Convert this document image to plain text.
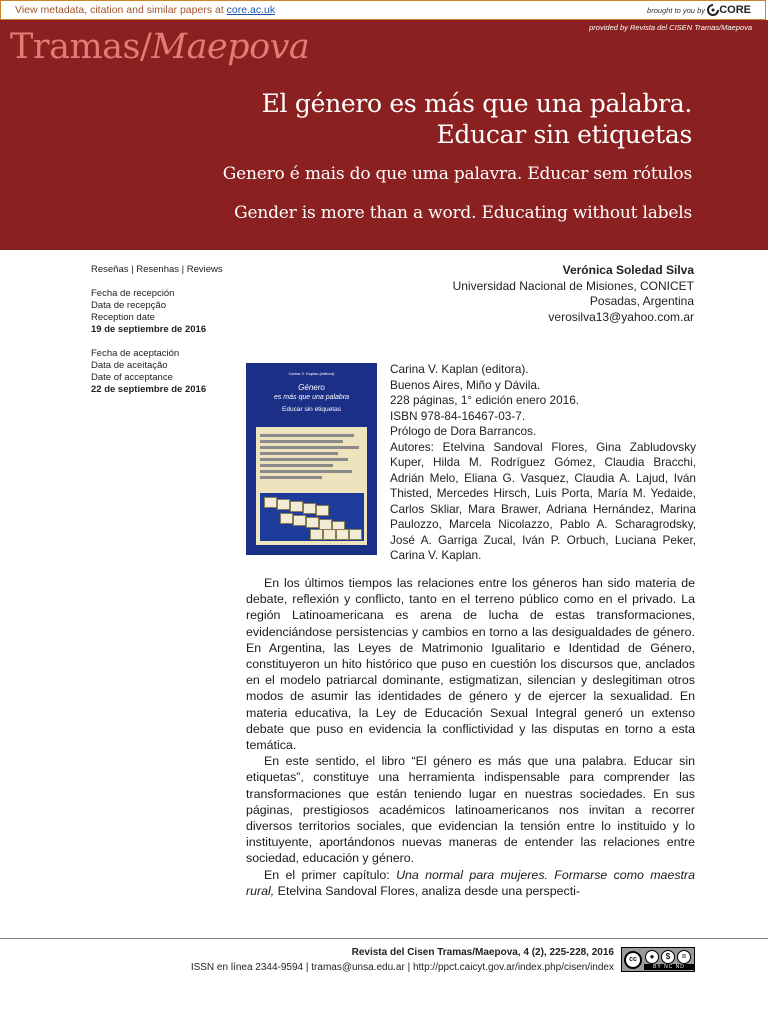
View metadata, citation and similar papers at core.ac.uk	brought to you by CORE
provided by Revista del CISEN Tramas/Maepova
Tramas/Maepova
El género es más que una palabra.
Educar sin etiquetas
Genero é mais do que uma palavra. Educar sem rótulos
Gender is more than a word. Educating without labels
Reseñas | Resenhas | Reviews
Fecha de recepción
Data de recepção
Reception date
19 de septiembre de 2016
Fecha de aceptación
Data de aceitação
Date of acceptance
22 de septiembre de 2016
Verónica Soledad Silva
Universidad Nacional de Misiones, CONICET
Posadas, Argentina
verosilva13@yahoo.com.ar
Carina V. Kaplan (editora)
Género
es más que una palabra
Educar sin etiquetas

Carina V. Kaplan (editora).

Buenos Aires, Miño y Dávila.

228 páginas, 1° edición enero 2016.

ISBN 978-84-16467-03-7.

Prólogo de Dora Barrancos.

Autores: Etelvina Sandoval Flores, Gina Zabludovsky Kuper, Hilda M. Rodríguez Gómez, Claudia Bracchi, Adrián Melo, Eliana G. Vasquez, Claudia A. Lajud, Iván Thisted, Mercedes Hirsch, Luis Porta, María M. Yedaide, Carlos Skliar, Mara Brawer, Adriana Hernández, Marina Paulozzo, Marcela Nicolazzo, Pablo A. Scharagrodsky, José A. Garriga Zucal, Iván P. Orbuch, Luciana Peker, Carina V. Kaplan.

En los últimos tiempos las relaciones entre los géneros han sido materia de debate, reflexión y conflicto, tanto en el terreno público como en el privado. La región Latinoamericana es arena de lucha de estas transformaciones, evidenciándose persistencias y cambios en torno a las desigualdades de género. En Argentina, las Leyes de Matrimonio Igualitario e Identidad de Género, constituyeron un hito histórico que puso en cuestión los discursos que, anclados en el modelo patriarcal dominante, estigmatizan, silencian y deslegitiman otros modos de asumir las identidades de género y de ejercer la sexualidad. En materia educativa, la Ley de Educación Sexual Integral generó un extenso debate que puso en evidencia la conflictividad y las disputas en torno a esta temática.

En este sentido, el libro “El género es más que una palabra. Educar sin etiquetas”, constituye una herramienta indispensable para comprender las transformaciones que están teniendo lugar en nuestras sociedades. En sus páginas, prestigiosos académicos latinoamericanos nos invitan a recorrer diversos territorios sociales, que evidencian la tensión entre lo instituido y lo instituyente, aportándonos nuevas maneras de entender las relaciones entre sociedad, educación y género.

En el primer capítulo: Una normal para mujeres. Formarse como maestra rural, Etelvina Sandoval Flores, analiza desde una perspecti-

Revista del Cisen Tramas/Maepova, 4 (2), 225-228, 2016
ISSN en línea 2344-9594 | tramas@unsa.edu.ar | http://ppct.caicyt.gov.ar/index.php/cisen/index
cc	●	$	=
BY NC ND
